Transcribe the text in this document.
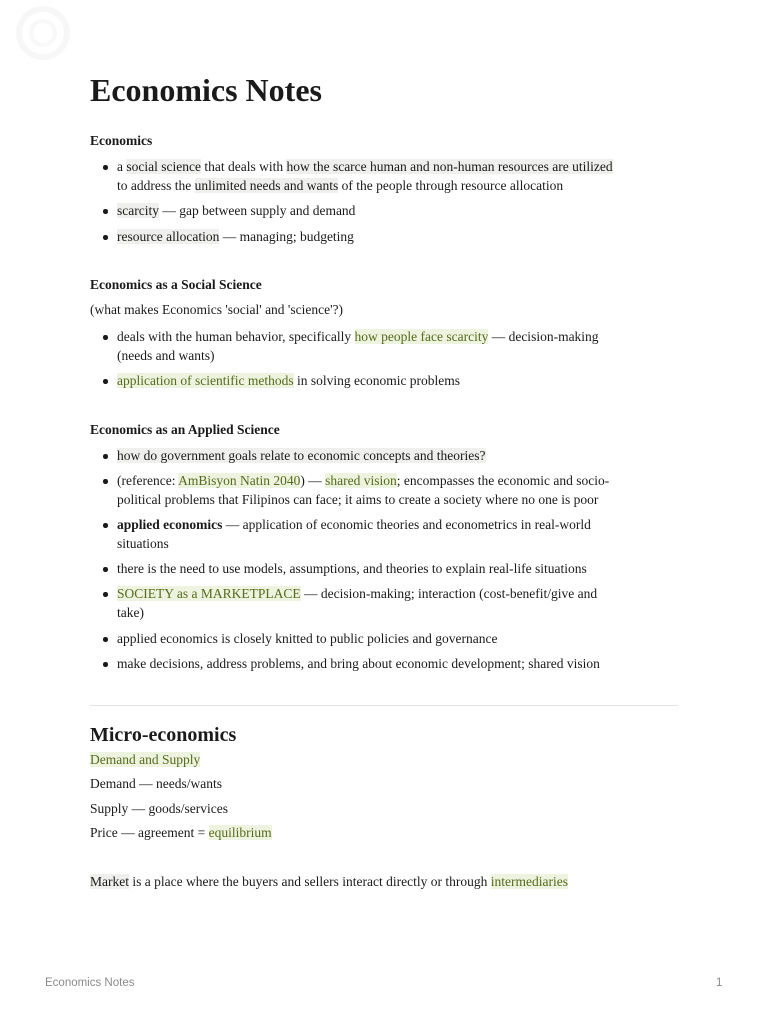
Economics Notes
Economics
a social science that deals with how the scarce human and non-human resources are utilized
to address the unlimited needs and wants of the people through resource allocation
scarcity — gap between supply and demand
resource allocation — managing; budgeting
Economics as a Social Science

(what makes Economics 'social' and 'science'?)

deals with the human behavior, specifically how people face scarcity — decision-making
(needs and wants)
application of scientific methods in solving economic problems
Economics as an Applied Science
how do government goals relate to economic concepts and theories?
(reference: AmBisyon Natin 2040) — shared vision; encompasses the economic and socio-
political problems that Filipinos can face; it aims to create a society where no one is poor
applied economics — application of economic theories and econometrics in real-world
situations
there is the need to use models, assumptions, and theories to explain real-life situations
SOCIETY as a MARKETPLACE — decision-making; interaction (cost-benefit/give and
take)
applied economics is closely knitted to public policies and governance
make decisions, address problems, and bring about economic development; shared vision
Micro-economics

Demand and Supply

Demand — needs/wants

Supply — goods/services

Price — agreement = equilibrium

Market is a place where the buyers and sellers interact directly or through intermediaries

Economics Notes	1
